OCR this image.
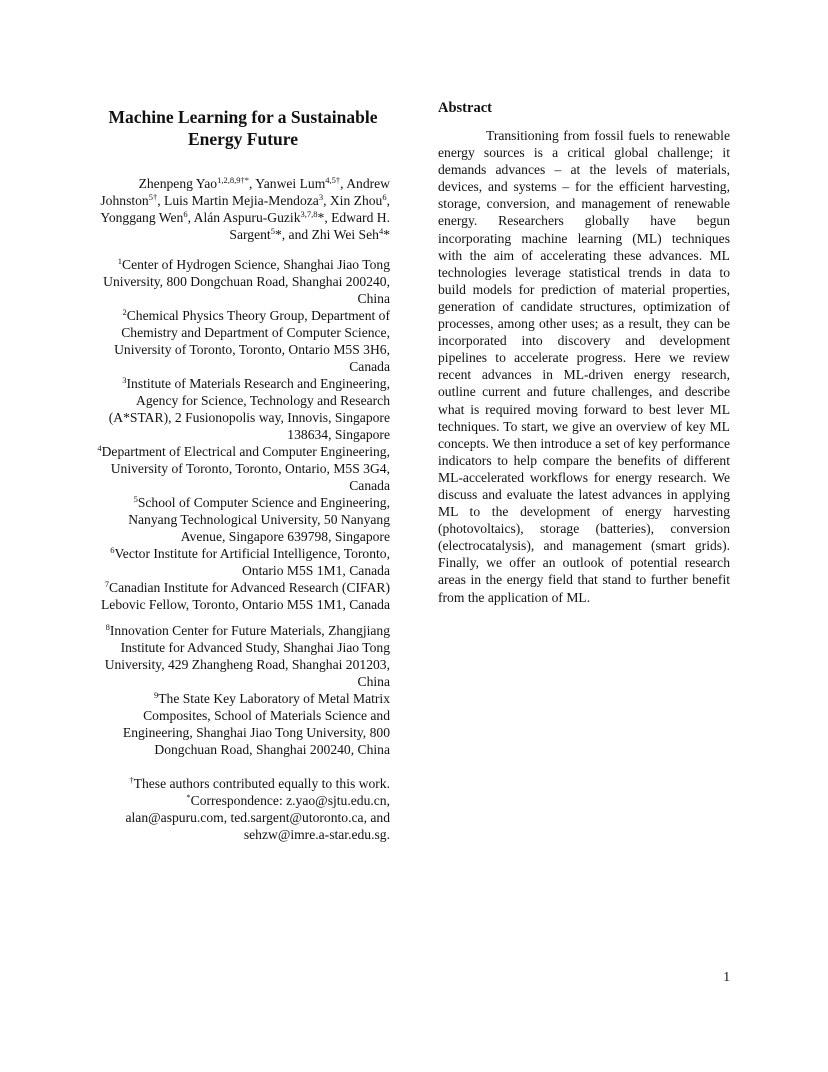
Machine Learning for a Sustainable Energy Future
Zhenpeng Yao$^{1,2,8,9\dagger*}$, Yanwei Lum$^{4,5\dagger}$, Andrew Johnston$^{5\dagger}$, Luis Martin Mejia-Mendoza$^3$, Xin Zhou$^6$, Yonggang Wen$^6$, Alán Aspuru-Guzik$^{3,7,8}$*, Edward H. Sargent$^5$*, and Zhi Wei Seh$^4$*
$^1$Center of Hydrogen Science, Shanghai Jiao Tong University, 800 Dongchuan Road, Shanghai 200240, China
$^2$Chemical Physics Theory Group, Department of Chemistry and Department of Computer Science, University of Toronto, Toronto, Ontario M5S 3H6, Canada
$^3$Institute of Materials Research and Engineering, Agency for Science, Technology and Research (A*STAR), 2 Fusionopolis way, Innovis, Singapore 138634, Singapore
$^4$Department of Electrical and Computer Engineering, University of Toronto, Toronto, Ontario, M5S 3G4, Canada
$^5$School of Computer Science and Engineering, Nanyang Technological University, 50 Nanyang Avenue, Singapore 639798, Singapore
$^6$Vector Institute for Artificial Intelligence, Toronto, Ontario M5S 1M1, Canada
$^7$Canadian Institute for Advanced Research (CIFAR) Lebovic Fellow, Toronto, Ontario M5S 1M1, Canada
$^8$Innovation Center for Future Materials, Zhangjiang Institute for Advanced Study, Shanghai Jiao Tong University, 429 Zhangheng Road, Shanghai 201203, China
$^9$The State Key Laboratory of Metal Matrix Composites, School of Materials Science and Engineering, Shanghai Jiao Tong University, 800 Dongchuan Road, Shanghai 200240, China
†These authors contributed equally to this work.
*Correspondence: z.yao@sjtu.edu.cn, alan@aspuru.com, ted.sargent@utoronto.ca, and sehzw@imre.a-star.edu.sg.
Abstract

Transitioning from fossil fuels to renewable energy sources is a critical global challenge; it demands advances – at the levels of materials, devices, and systems – for the efficient harvesting, storage, conversion, and management of renewable energy. Researchers globally have begun incorporating machine learning (ML) techniques with the aim of accelerating these advances. ML technologies leverage statistical trends in data to build models for prediction of material properties, generation of candidate structures, optimization of processes, among other uses; as a result, they can be incorporated into discovery and development pipelines to accelerate progress. Here we review recent advances in ML-driven energy research, outline current and future challenges, and describe what is required moving forward to best lever ML techniques. To start, we give an overview of key ML concepts. We then introduce a set of key performance indicators to help compare the benefits of different ML-accelerated workflows for energy research. We discuss and evaluate the latest advances in applying ML to the development of energy harvesting (photovoltaics), storage (batteries), conversion (electrocatalysis), and management (smart grids). Finally, we offer an outlook of potential research areas in the energy field that stand to further benefit from the application of ML.

1
